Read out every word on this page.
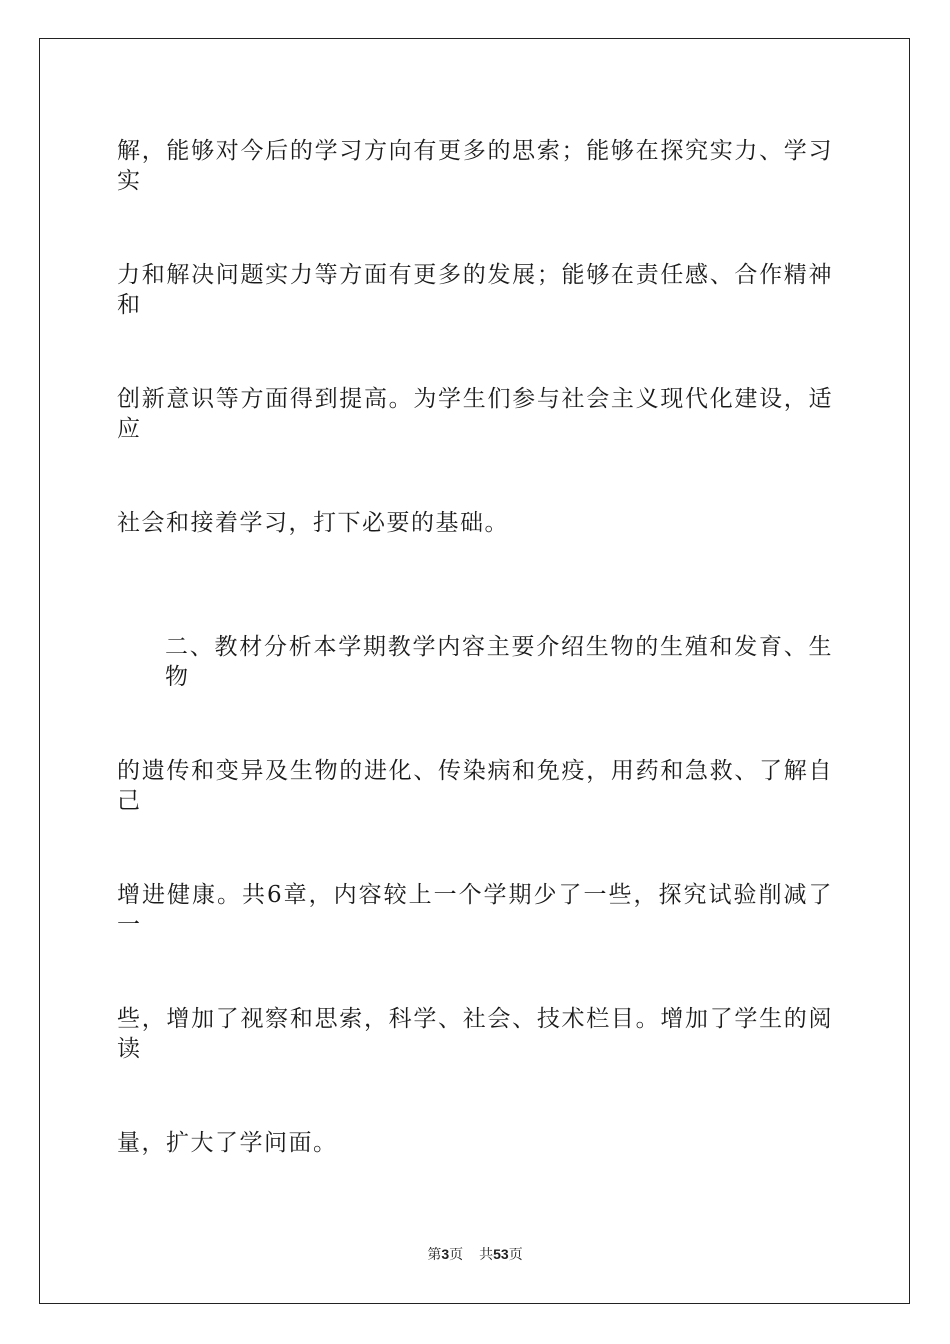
解，能够对今后的学习方向有更多的思索；能够在探究实力、学习实
力和解决问题实力等方面有更多的发展；能够在责任感、合作精神和
创新意识等方面得到提高。为学生们参与社会主义现代化建设，适应
社会和接着学习，打下必要的基础。
二、教材分析本学期教学内容主要介绍生物的生殖和发育、生物
的遗传和变异及生物的进化、传染病和免疫，用药和急救、了解自己
增进健康。共6章，内容较上一个学期少了一些，探究试验削减了一
些，增加了视察和思索，科学、社会、技术栏目。增加了学生的阅读
量，扩大了学问面。
第3页 共53页
